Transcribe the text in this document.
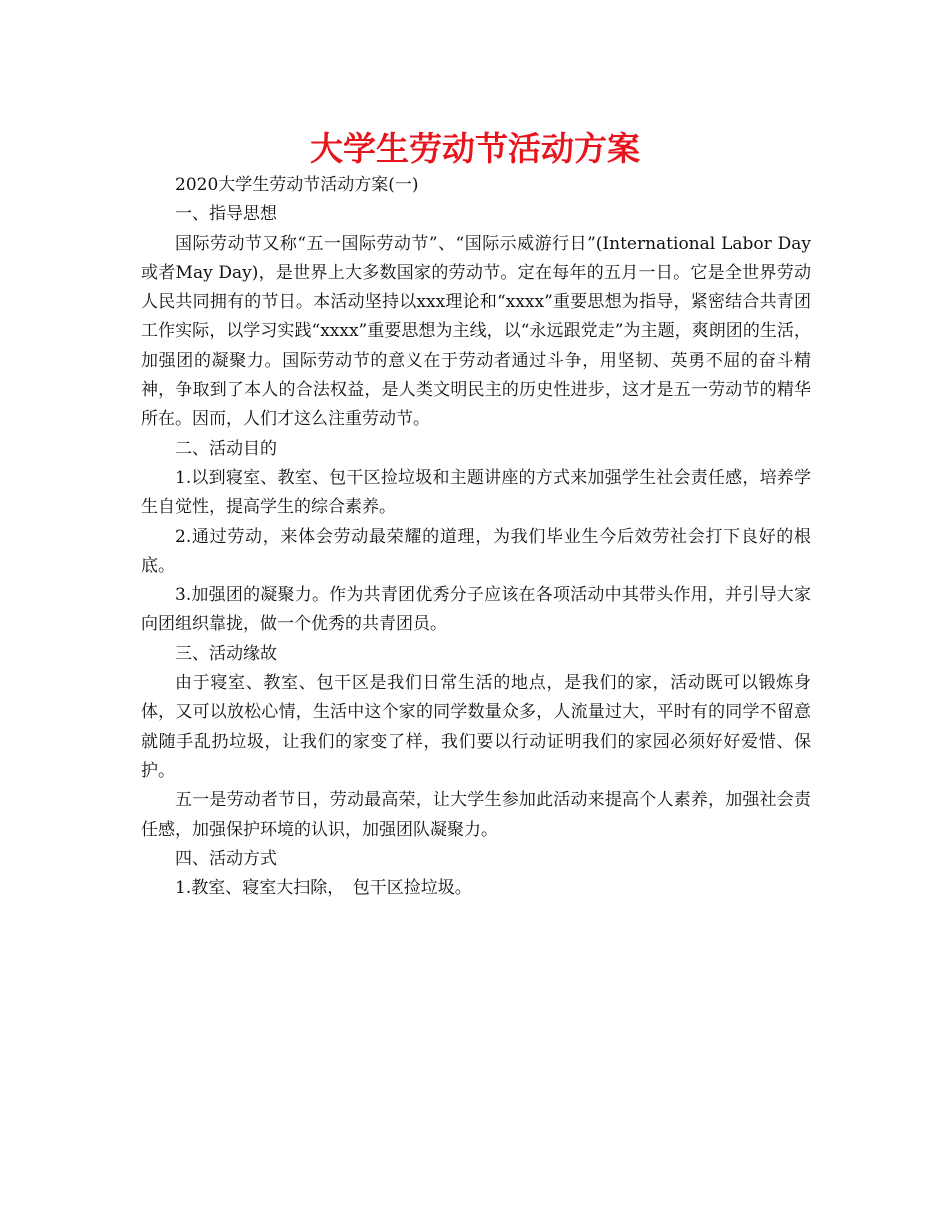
大学生劳动节活动方案

2020大学生劳动节活动方案(一)

一、指导思想

国际劳动节又称“五一国际劳动节”、“国际示威游行日”(International Labor Day或者May Day)，是世界上大多数国家的劳动节。定在每年的五月一日。它是全世界劳动人民共同拥有的节日。本活动坚持以xxx理论和“xxxx”重要思想为指导，紧密结合共青团工作实际，以学习实践“xxxx”重要思想为主线，以“永远跟党走”为主题，爽朗团的生活，加强团的凝聚力。国际劳动节的意义在于劳动者通过斗争，用坚韧、英勇不屈的奋斗精神，争取到了本人的合法权益，是人类文明民主的历史性进步，这才是五一劳动节的精华所在。因而，人们才这么注重劳动节。

二、活动目的

1.以到寝室、教室、包干区捡垃圾和主题讲座的方式来加强学生社会责任感，培养学生自觉性，提高学生的综合素养。

2.通过劳动，来体会劳动最荣耀的道理，为我们毕业生今后效劳社会打下良好的根底。

3.加强团的凝聚力。作为共青团优秀分子应该在各项活动中其带头作用，并引导大家向团组织靠拢，做一个优秀的共青团员。

三、活动缘故

由于寝室、教室、包干区是我们日常生活的地点，是我们的家，活动既可以锻炼身体，又可以放松心情，生活中这个家的同学数量众多，人流量过大，平时有的同学不留意就随手乱扔垃圾，让我们的家变了样，我们要以行动证明我们的家园必须好好爱惜、保护。

五一是劳动者节日，劳动最高荣，让大学生参加此活动来提高个人素养，加强社会责任感，加强保护环境的认识，加强团队凝聚力。

四、活动方式

1.教室、寝室大扫除，　包干区捡垃圾。
